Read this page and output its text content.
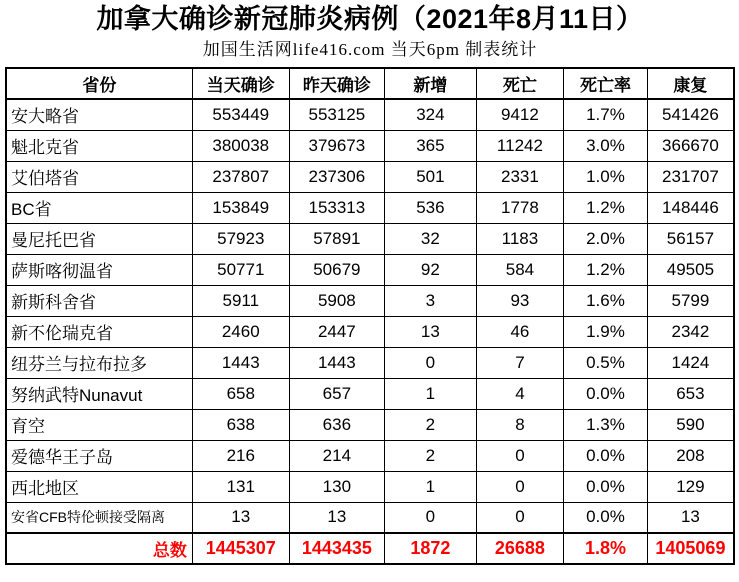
加拿大确诊新冠肺炎病例（2021年8月11日）
加国生活网life416.com 当天6pm 制表统计
省份	当天确诊	昨天确诊	新增	死亡	死亡率	康复
安大略省	553449	553125	324	9412	1.7%	541426
魁北克省	380038	379673	365	11242	3.0%	366670
艾伯塔省	237807	237306	501	2331	1.0%	231707
BC省	153849	153313	536	1778	1.2%	148446
曼尼托巴省	57923	57891	32	1183	2.0%	56157
萨斯喀彻温省	50771	50679	92	584	1.2%	49505
新斯科舍省	5911	5908	3	93	1.6%	5799
新不伦瑞克省	2460	2447	13	46	1.9%	2342
纽芬兰与拉布拉多	1443	1443	0	7	0.5%	1424
努纳武特Nunavut	658	657	1	4	0.0%	653
育空	638	636	2	8	1.3%	590
爱德华王子岛	216	214	2	0	0.0%	208
西北地区	131	130	1	0	0.0%	129
安省CFB特伦顿接受隔离	13	13	0	0	0.0%	13
总数	1445307	1443435	1872	26688	1.8%	1405069
